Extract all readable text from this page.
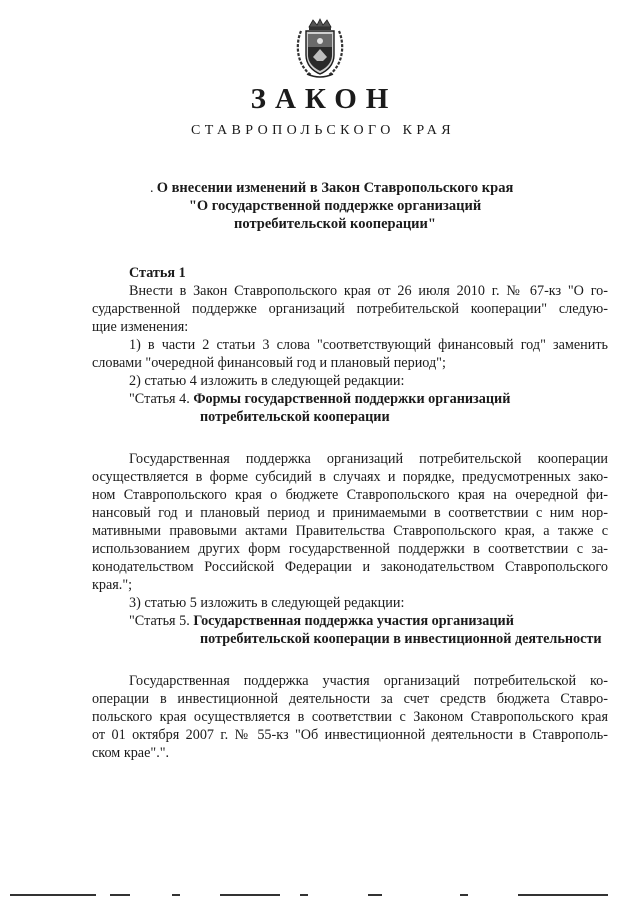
ЗАКОН
СТАВРОПОЛЬСКОГО КРАЯ
. О внесении изменений в Закон Ставропольского края
"О государственной поддержке организаций
потребительской кооперации"
Статья 1
Внести в Закон Ставропольского края от 26 июля 2010 г. № 67-кз "О го-
сударственной поддержке организаций потребительской кооперации" следую-
щие изменения:
1) в части 2 статьи 3 слова "соответствующий финансовый год" заменить
словами "очередной финансовый год и плановый период";
2) статью 4 изложить в следующей редакции:
"Статья 4. Формы государственной поддержки организаций
потребительской кооперации
Государственная поддержка организаций потребительской кооперации
осуществляется в форме субсидий в случаях и порядке, предусмотренных зако-
ном Ставропольского края о бюджете Ставропольского края на очередной фи-
нансовый год и плановый период и принимаемыми в соответствии с ним нор-
мативными правовыми актами Правительства Ставропольского края, а также с
использованием других форм государственной поддержки в соответствии с за-
конодательством Российской Федерации и законодательством Ставропольского
края.";
3) статью 5 изложить в следующей редакции:
"Статья 5. Государственная поддержка участия организаций
потребительской кооперации в инвестиционной деятельности
Государственная поддержка участия организаций потребительской ко-
операции в инвестиционной деятельности за счет средств бюджета Ставро-
польского края осуществляется в соответствии с Законом Ставропольского края
от 01 октября 2007 г. № 55-кз "Об инвестиционной деятельности в Ставрополь-
ском крае".".
